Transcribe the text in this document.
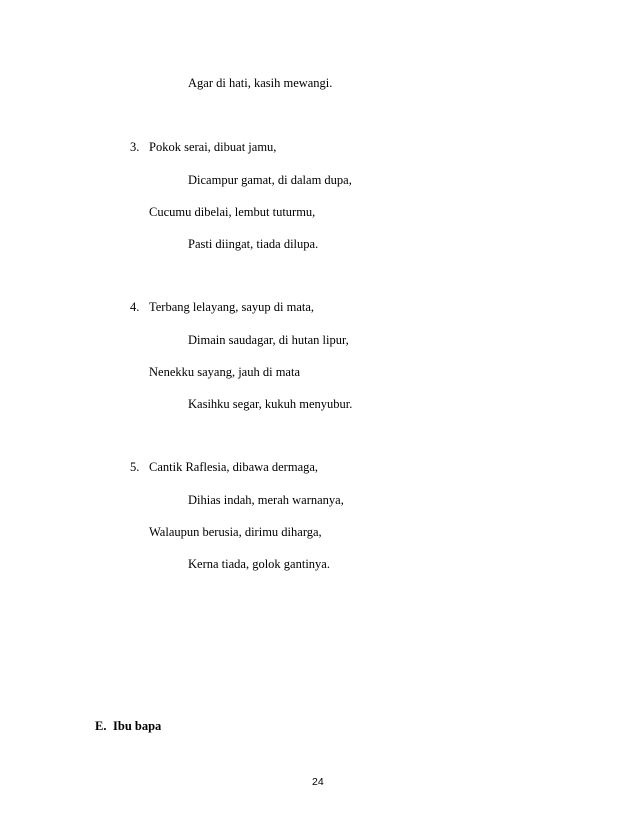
Agar di hati, kasih mewangi.
3. Pokok serai, dibuat jamu,
Dicampur gamat, di dalam dupa,
Cucumu dibelai, lembut tuturmu,
Pasti diingat, tiada dilupa.
4. Terbang lelayang, sayup di mata,
Dimain saudagar, di hutan lipur,
Nenekku sayang, jauh di mata
Kasihku segar, kukuh menyubur.
5. Cantik Raflesia, dibawa dermaga,
Dihias indah, merah warnanya,
Walaupun berusia, dirimu diharga,
Kerna tiada, golok gantinya.
E. Ibu bapa
24
